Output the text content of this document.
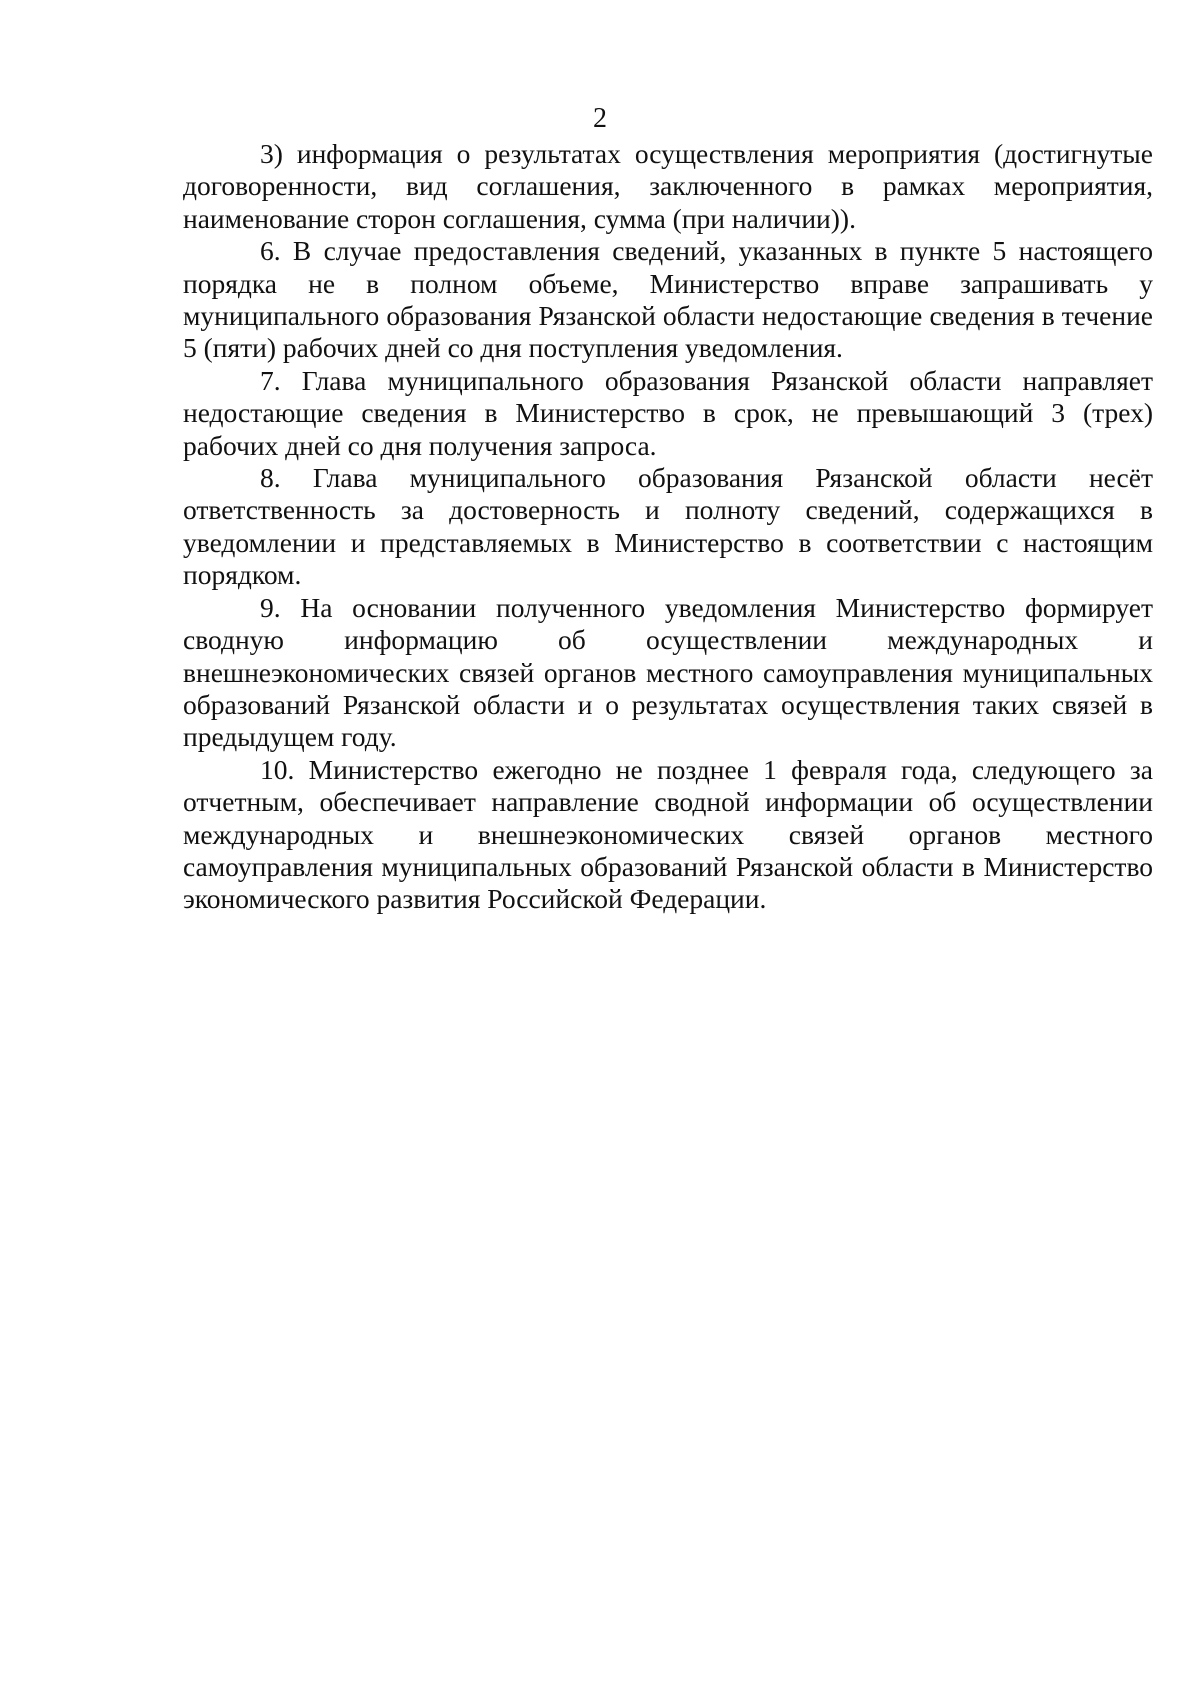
2

3) информация о результатах осуществления мероприятия (достигнутые договоренности, вид соглашения, заключенного в рамках мероприятия, наименование сторон соглашения, сумма (при наличии)).

6. В случае предоставления сведений, указанных в пункте 5 настоящего порядка не в полном объеме, Министерство вправе запрашивать у муниципального образования Рязанской области недостающие сведения в течение 5 (пяти) рабочих дней со дня поступления уведомления.

7. Глава муниципального образования Рязанской области направляет недостающие сведения в Министерство в срок, не превышающий 3 (трех) рабочих дней со дня получения запроса.

8. Глава муниципального образования Рязанской области несёт ответственность за достоверность и полноту сведений, содержащихся в уведомлении и представляемых в Министерство в соответствии с настоящим порядком.

9. На основании полученного уведомления Министерство формирует сводную информацию об осуществлении международных и внешнеэкономических связей органов местного самоуправления муниципальных образований Рязанской области и о результатах осуществления таких связей в предыдущем году.

10. Министерство ежегодно не позднее 1 февраля года, следующего за отчетным, обеспечивает направление сводной информации об осуществлении международных и внешнеэкономических связей органов местного самоуправления муниципальных образований Рязанской области в Министерство экономического развития Российской Федерации.
